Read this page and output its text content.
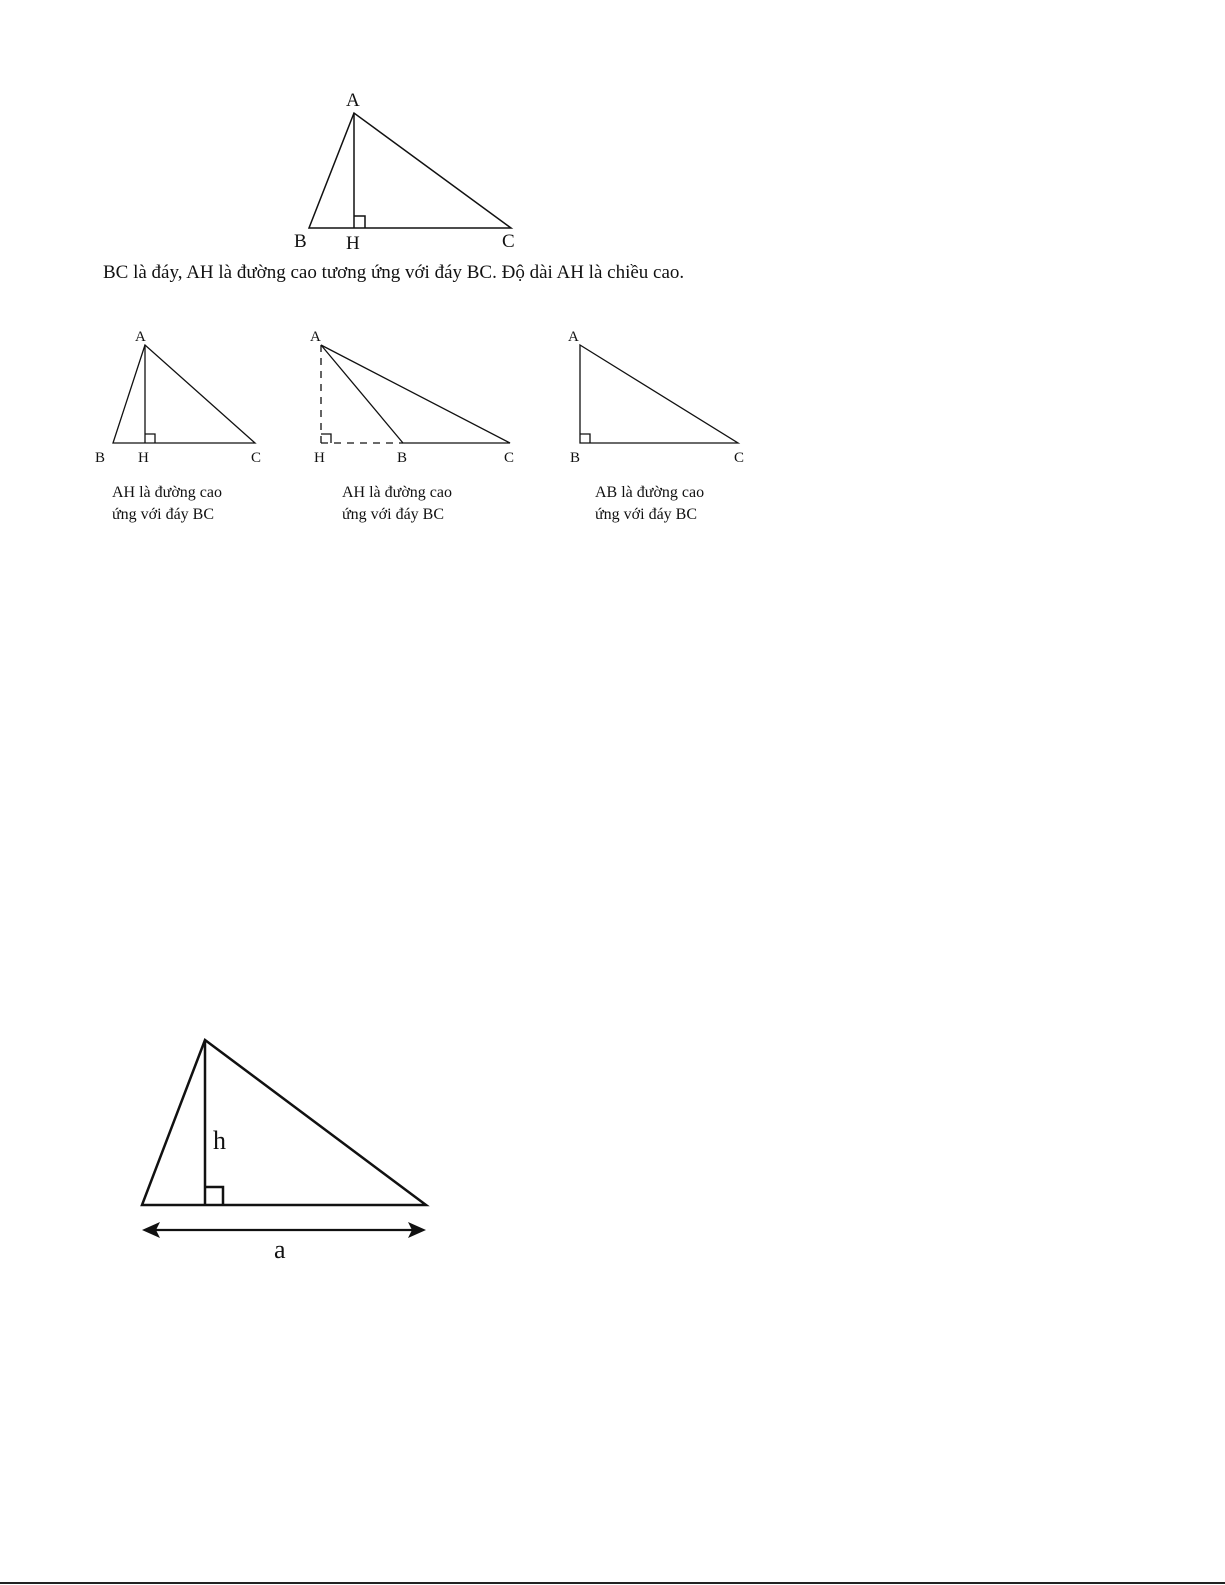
A
B H	C
A
B H	C
A
H	B	C
A
B	C
h
a
BC là đáy, AH là đường cao tương ứng với đáy BC. Độ dài AH là chiều cao.
AH là đường cao
ứng với đáy BC
AH là đường cao
ứng với đáy BC
AB là đường cao
ứng với đáy BC
